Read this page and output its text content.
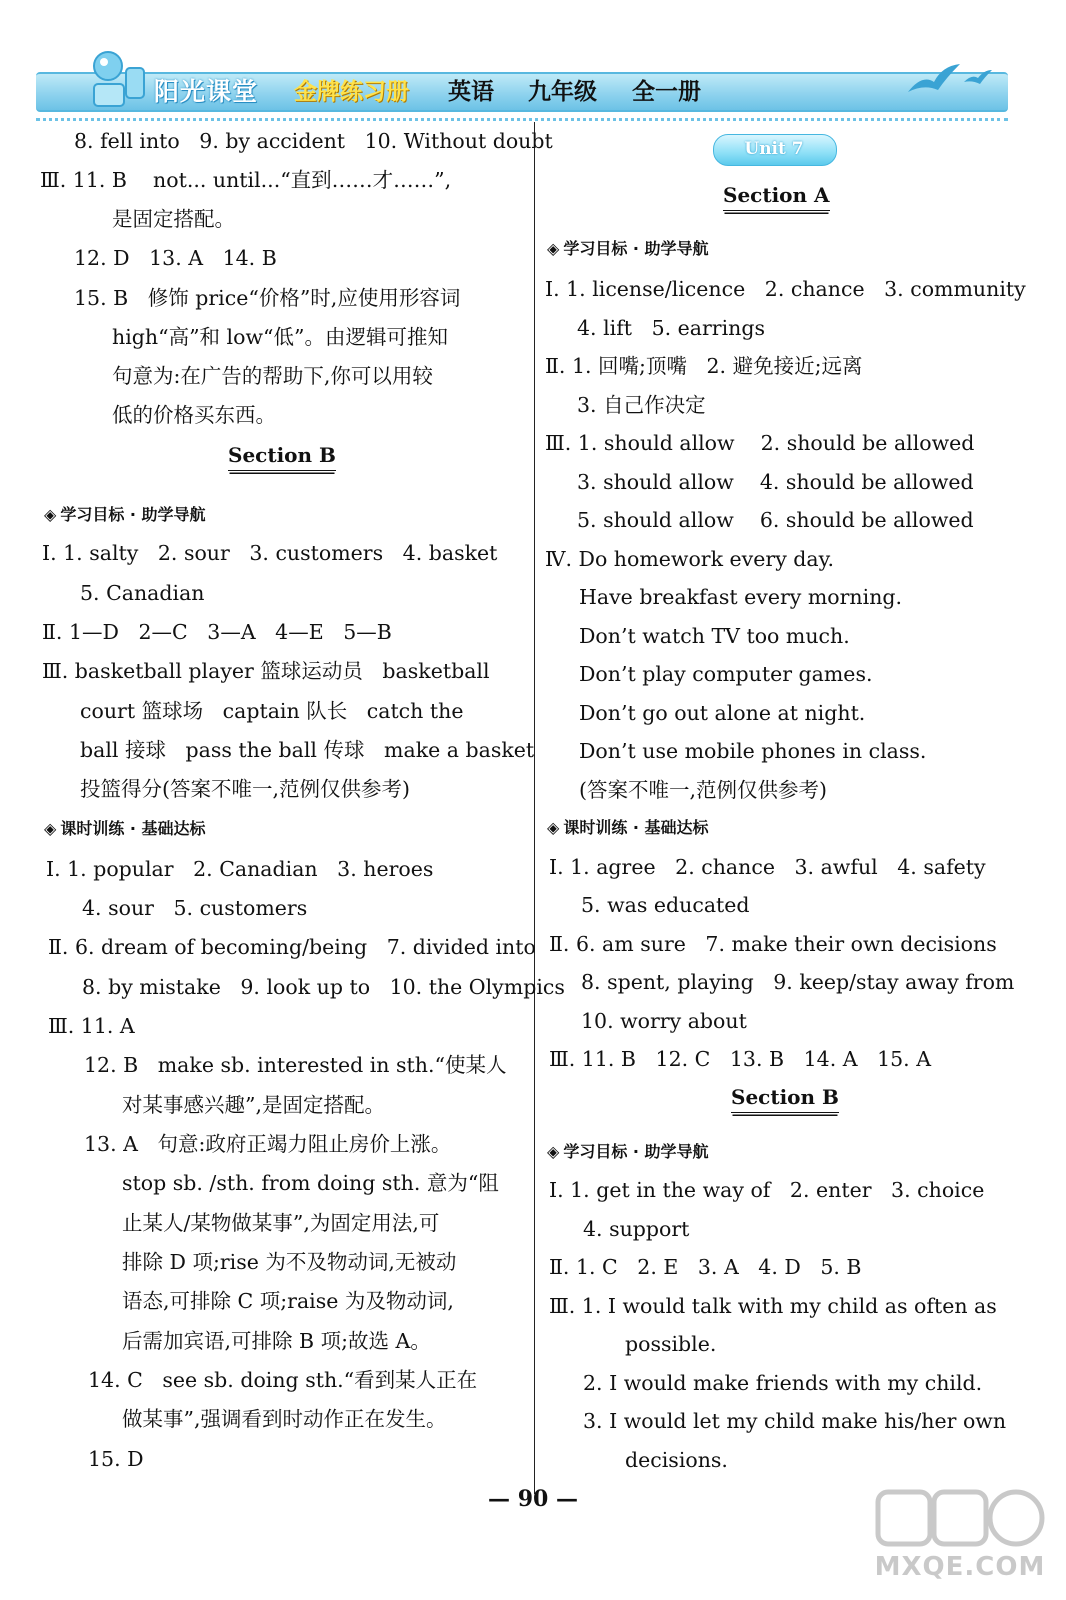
阳光课堂 金牌练习册 英语 九年级 全一册
8. fell into   9. by accident   10. Without doubt
Ⅲ. 11. B    not... until...“直到……才……”,
是固定搭配。
12. D   13. A   14. B
15. B   修饰 price“价格”时,应使用形容词
high“高”和 low“低”。由逻辑可推知
句意为:在广告的帮助下,你可以用较
低的价格买东西。
Section B
◈ 学习目标 · 助学导航
Ⅰ. 1. salty   2. sour   3. customers   4. basket
5. Canadian
Ⅱ. 1—D   2—C   3—A   4—E   5—B
Ⅲ. basketball player 篮球运动员   basketball
court 篮球场   captain 队长   catch the
ball 接球   pass the ball 传球   make a basket
投篮得分(答案不唯一,范例仅供参考)
◈ 课时训练 · 基础达标
Ⅰ. 1. popular   2. Canadian   3. heroes
4. sour   5. customers
Ⅱ. 6. dream of becoming/being   7. divided into
8. by mistake   9. look up to   10. the Olympics
Ⅲ. 11. A
12. B   make sb. interested in sth.“使某人
对某事感兴趣”,是固定搭配。
13. A   句意:政府正竭力阻止房价上涨。
stop sb. /sth. from doing sth. 意为“阻
止某人/某物做某事”,为固定用法,可
排除 D 项;rise 为不及物动词,无被动
语态,可排除 C 项;raise 为及物动词,
后需加宾语,可排除 B 项;故选 A。
14. C   see sb. doing sth.“看到某人正在
做某事”,强调看到时动作正在发生。
15. D
Unit 7
Section A
◈ 学习目标 · 助学导航
Ⅰ. 1. license/licence   2. chance   3. community
4. lift   5. earrings
Ⅱ. 1. 回嘴;顶嘴   2. 避免接近;远离
3. 自己作决定
Ⅲ. 1. should allow    2. should be allowed
3. should allow    4. should be allowed
5. should allow    6. should be allowed
Ⅳ. Do homework every day.
Have breakfast every morning.
Don’t watch TV too much.
Don’t play computer games.
Don’t go out alone at night.
Don’t use mobile phones in class.
(答案不唯一,范例仅供参考)
◈ 课时训练 · 基础达标
Ⅰ. 1. agree   2. chance   3. awful   4. safety
5. was educated
Ⅱ. 6. am sure   7. make their own decisions
8. spent, playing   9. keep/stay away from
10. worry about
Ⅲ. 11. B   12. C   13. B   14. A   15. A
Section B
◈ 学习目标 · 助学导航
Ⅰ. 1. get in the way of   2. enter   3. choice
4. support
Ⅱ. 1. C   2. E   3. A   4. D   5. B
Ⅲ. 1. I would talk with my child as often as
possible.
2. I would make friends with my child.
3. I would let my child make his/her own
decisions.
— 90 —
MXQE.COM
